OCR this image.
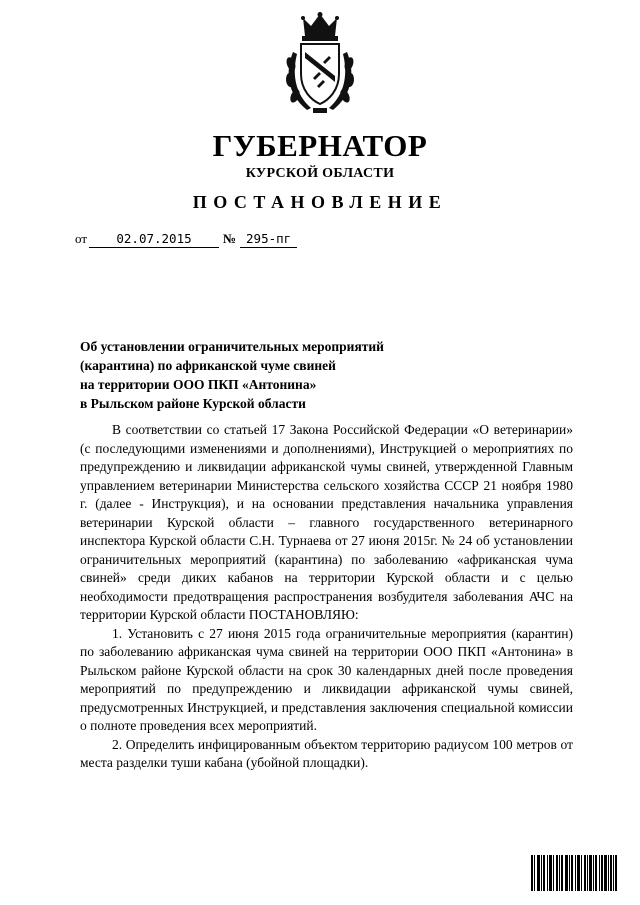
ГУБЕРНАТОР
КУРСКОЙ ОБЛАСТИ
ПОСТАНОВЛЕНИЕ
от 02.07.2015 № 295-пг
Об установлении ограничительных мероприятий
(карантина) по африканской чуме свиней
на территории ООО ПКП «Антонина»
в Рыльском районе Курской области

В соответствии со статьей 17 Закона Российской Федерации «О ветеринарии» (с последующими изменениями и дополнениями), Инструкцией о мероприятиях по предупреждению и ликвидации африканской чумы свиней, утвержденной Главным управлением ветеринарии Министерства сельского хозяйства СССР 21 ноября 1980 г. (далее - Инструкция), и на основании представления начальника управления ветеринарии Курской области – главного государственного ветеринарного инспектора Курской области С.Н. Турнаева от 27 июня 2015г. № 24 об установлении ограничительных мероприятий (карантина) по заболеванию «африканская чума свиней» среди диких кабанов на территории Курской области и с целью необходимости предотвращения распространения возбудителя заболевания АЧС на территории Курской области ПОСТАНОВЛЯЮ:

1. Установить с 27 июня 2015 года ограничительные мероприятия (карантин) по заболеванию африканская чума свиней на территории ООО ПКП «Антонина» в Рыльском районе Курской области на срок 30 календарных дней после проведения мероприятий по предупреждению и ликвидации африканской чумы свиней, предусмотренных Инструкцией, и представления заключения специальной комиссии о полноте проведения всех мероприятий.

2. Определить инфицированным объектом территорию радиусом 100 метров от места разделки туши кабана (убойной площадки).
